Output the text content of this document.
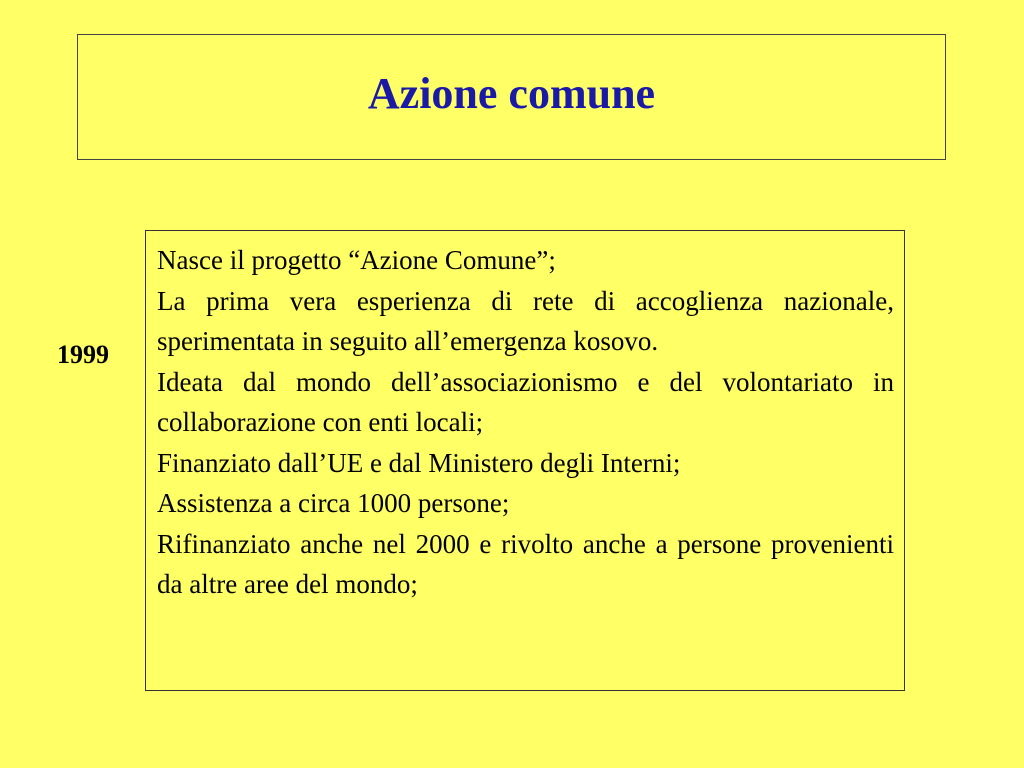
Azione comune
1999

Nasce il progetto “Azione Comune”;

La prima vera esperienza di rete di accoglienza nazionale, sperimentata in seguito all’emergenza kosovo.

Ideata dal mondo dell’associazionismo e del volontariato in collaborazione con enti locali;

Finanziato dall’UE e dal Ministero degli Interni;

Assistenza a circa 1000 persone;

Rifinanziato anche nel 2000 e rivolto anche a persone provenienti da altre aree del mondo;
